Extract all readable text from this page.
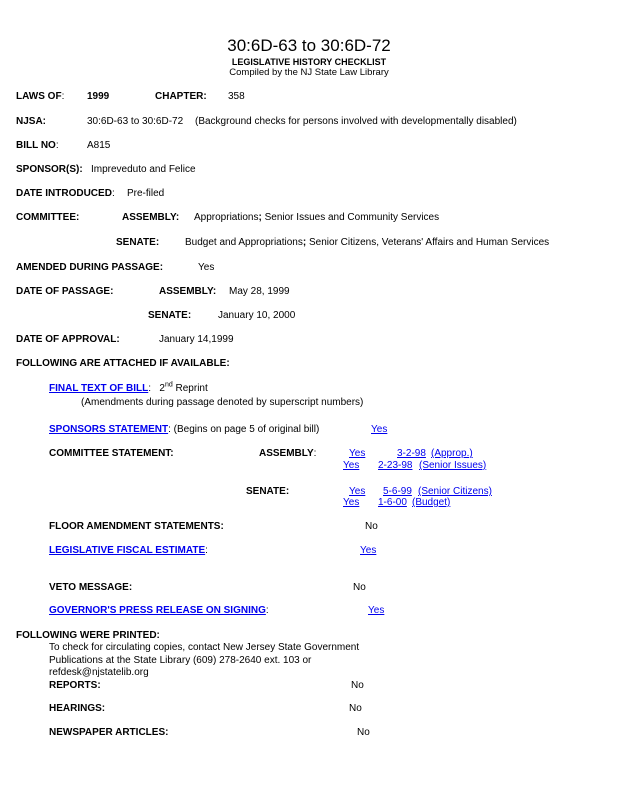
30:6D-63 to 30:6D-72
LEGISLATIVE HISTORY CHECKLIST
Compiled by the NJ State Law Library
LAWS OF: 1999	CHAPTER: 358
NJSA:	30:6D-63 to 30:6D-72 (Background checks for persons involved with developmentally disabled)
BILL NO:	A815
SPONSOR(S): Impreveduto and Felice
DATE INTRODUCED: Pre-filed
COMMITTEE:	ASSEMBLY: Appropriations; Senior Issues and Community Services
SENATE:	Budget and Appropriations; Senior Citizens, Veterans' Affairs and Human Services
AMENDED DURING PASSAGE:	Yes
DATE OF PASSAGE:	ASSEMBLY: May 28, 1999
SENATE:	January 10, 2000
DATE OF APPROVAL:	January 14,1999
FOLLOWING ARE ATTACHED IF AVAILABLE:
FINAL TEXT OF BILL: 2nd Reprint
(Amendments during passage denoted by superscript numbers)
SPONSORS STATEMENT: (Begins on page 5 of original bill)	Yes
COMMITTEE STATEMENT:	ASSEMBLY:	Yes	3-2-98 (Approp.)
Yes 2-23-98 (Senior Issues)
SENATE:	Yes 5-6-99 (Senior Citizens)
Yes 1-6-00 (Budget)
FLOOR AMENDMENT STATEMENTS:	No
LEGISLATIVE FISCAL ESTIMATE:	Yes
VETO MESSAGE:	No
GOVERNOR'S PRESS RELEASE ON SIGNING:	Yes
FOLLOWING WERE PRINTED:
To check for circulating copies, contact New Jersey State Government
Publications at the State Library (609) 278-2640 ext. 103 or
refdesk@njstatelib.org
REPORTS:	No
HEARINGS:	No
NEWSPAPER ARTICLES:	No
